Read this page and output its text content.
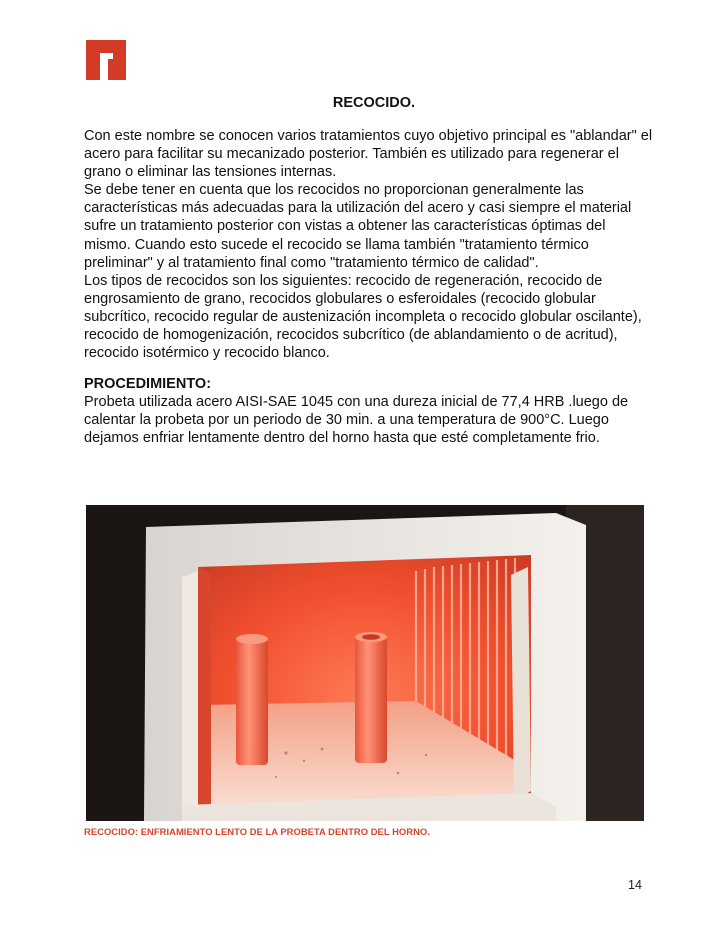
RECOCIDO.
Con este nombre se conocen varios tratamientos cuyo objetivo principal es "ablandar" el
acero para facilitar su mecanizado posterior. También es utilizado para regenerar el
grano o eliminar las tensiones internas.
Se debe tener en cuenta que los recocidos no proporcionan generalmente las
características más adecuadas para la utilización del acero y casi siempre el material
sufre un tratamiento posterior con vistas a obtener las características óptimas del
mismo. Cuando esto sucede el recocido se llama también "tratamiento térmico
preliminar" y al tratamiento final como "tratamiento térmico de calidad".
Los tipos de recocidos son los siguientes: recocido de regeneración, recocido de
engrosamiento de grano, recocidos globulares o esferoidales (recocido globular
subcrítico, recocido regular de austenización incompleta o recocido globular oscilante),
recocido de homogenización, recocidos subcrítico (de ablandamiento o de acritud),
recocido isotérmico y recocido blanco.
PROCEDIMIENTO:
Probeta utilizada acero AISI-SAE 1045 con una dureza inicial de 77,4 HRB .luego de
calentar la probeta por un periodo de 30 min. a una temperatura de 900°C. Luego
dejamos enfriar lentamente dentro del horno hasta que esté completamente frio.
RECOCIDO: ENFRIAMIENTO LENTO DE LA PROBETA DENTRO DEL HORNO.
14
